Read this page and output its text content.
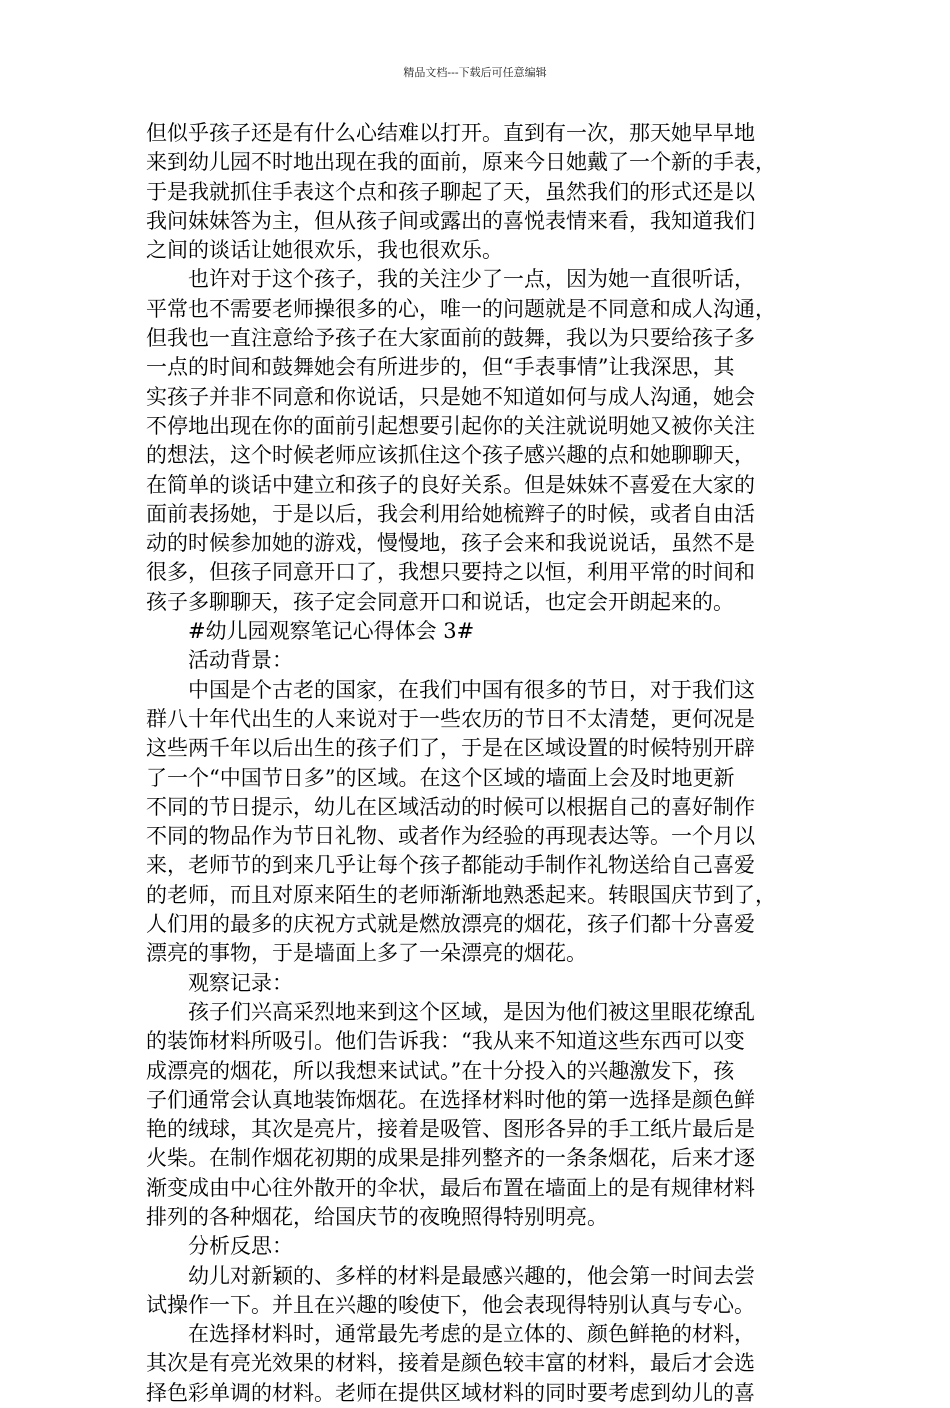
精品文档---下载后可任意编辑
但似乎孩子还是有什么心结难以打开。直到有一次，那天她早早地
来到幼儿园不时地出现在我的面前，原来今日她戴了一个新的手表，
于是我就抓住手表这个点和孩子聊起了天，虽然我们的形式还是以
我问妹妹答为主，但从孩子间或露出的喜悦表情来看，我知道我们
之间的谈话让她很欢乐，我也很欢乐。
也许对于这个孩子，我的关注少了一点，因为她一直很听话，
平常也不需要老师操很多的心，唯一的问题就是不同意和成人沟通，
但我也一直注意给予孩子在大家面前的鼓舞，我以为只要给孩子多
一点的时间和鼓舞她会有所进步的，但“手表事情”让我深思，其
实孩子并非不同意和你说话，只是她不知道如何与成人沟通，她会
不停地出现在你的面前引起想要引起你的关注就说明她又被你关注
的想法，这个时候老师应该抓住这个孩子感兴趣的点和她聊聊天，
在简单的谈话中建立和孩子的良好关系。但是妹妹不喜爱在大家的
面前表扬她，于是以后，我会利用给她梳辫子的时候，或者自由活
动的时候参加她的游戏，慢慢地，孩子会来和我说说话，虽然不是
很多，但孩子同意开口了，我想只要持之以恒，利用平常的时间和
孩子多聊聊天，孩子定会同意开口和说话，也定会开朗起来的。
#幼儿园观察笔记心得体会 3#
活动背景：
中国是个古老的国家，在我们中国有很多的节日，对于我们这
群八十年代出生的人来说对于一些农历的节日不太清楚，更何况是
这些两千年以后出生的孩子们了，于是在区域设置的时候特别开辟
了一个“中国节日多”的区域。在这个区域的墙面上会及时地更新
不同的节日提示，幼儿在区域活动的时候可以根据自己的喜好制作
不同的物品作为节日礼物、或者作为经验的再现表达等。一个月以
来，老师节的到来几乎让每个孩子都能动手制作礼物送给自己喜爱
的老师，而且对原来陌生的老师渐渐地熟悉起来。转眼国庆节到了，
人们用的最多的庆祝方式就是燃放漂亮的烟花，孩子们都十分喜爱
漂亮的事物，于是墙面上多了一朵漂亮的烟花。
观察记录：
孩子们兴高采烈地来到这个区域，是因为他们被这里眼花缭乱
的装饰材料所吸引。他们告诉我：“我从来不知道这些东西可以变
成漂亮的烟花，所以我想来试试。”在十分投入的兴趣激发下，孩
子们通常会认真地装饰烟花。在选择材料时他的第一选择是颜色鲜
艳的绒球，其次是亮片，接着是吸管、图形各异的手工纸片最后是
火柴。在制作烟花初期的成果是排列整齐的一条条烟花，后来才逐
渐变成由中心往外散开的伞状，最后布置在墙面上的是有规律材料
排列的各种烟花，给国庆节的夜晚照得特别明亮。
分析反思：
幼儿对新颖的、多样的材料是最感兴趣的，他会第一时间去尝
试操作一下。并且在兴趣的唆使下，他会表现得特别认真与专心。
在选择材料时，通常最先考虑的是立体的、颜色鲜艳的材料，
其次是有亮光效果的材料，接着是颜色较丰富的材料，最后才会选
择色彩单调的材料。老师在提供区域材料的同时要考虑到幼儿的喜
